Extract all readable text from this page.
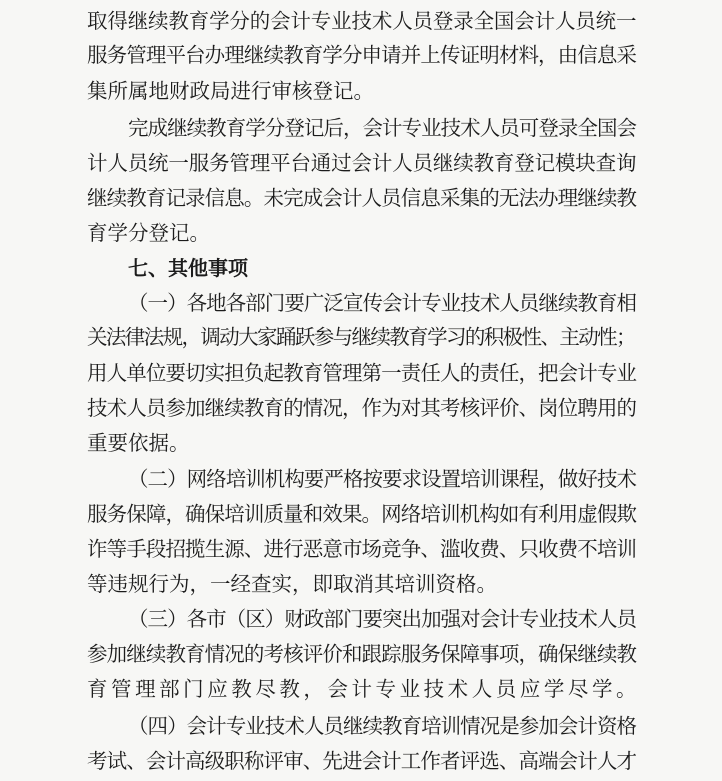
取得继续教育学分的会计专业技术人员登录全国会计人员统一
服务管理平台办理继续教育学分申请并上传证明材料，由信息采
集所属地财政局进行审核登记。
完成继续教育学分登记后，会计专业技术人员可登录全国会
计人员统一服务管理平台通过会计人员继续教育登记模块查询
继续教育记录信息。未完成会计人员信息采集的无法办理继续教
育学分登记。
七、其他事项
（一）各地各部门要广泛宣传会计专业技术人员继续教育相
关法律法规，调动大家踊跃参与继续教育学习的积极性、主动性；
用人单位要切实担负起教育管理第一责任人的责任，把会计专业
技术人员参加继续教育的情况，作为对其考核评价、岗位聘用的
重要依据。
（二）网络培训机构要严格按要求设置培训课程，做好技术
服务保障，确保培训质量和效果。网络培训机构如有利用虚假欺
诈等手段招揽生源、进行恶意市场竞争、滥收费、只收费不培训
等违规行为，一经查实，即取消其培训资格。
（三）各市（区）财政部门要突出加强对会计专业技术人员
参加继续教育情况的考核评价和跟踪服务保障事项，确保继续教
育管理部门应教尽教，会计专业技术人员应学尽学。
（四）会计专业技术人员继续教育培训情况是参加会计资格
考试、会计高级职称评审、先进会计工作者评选、高端会计人才
